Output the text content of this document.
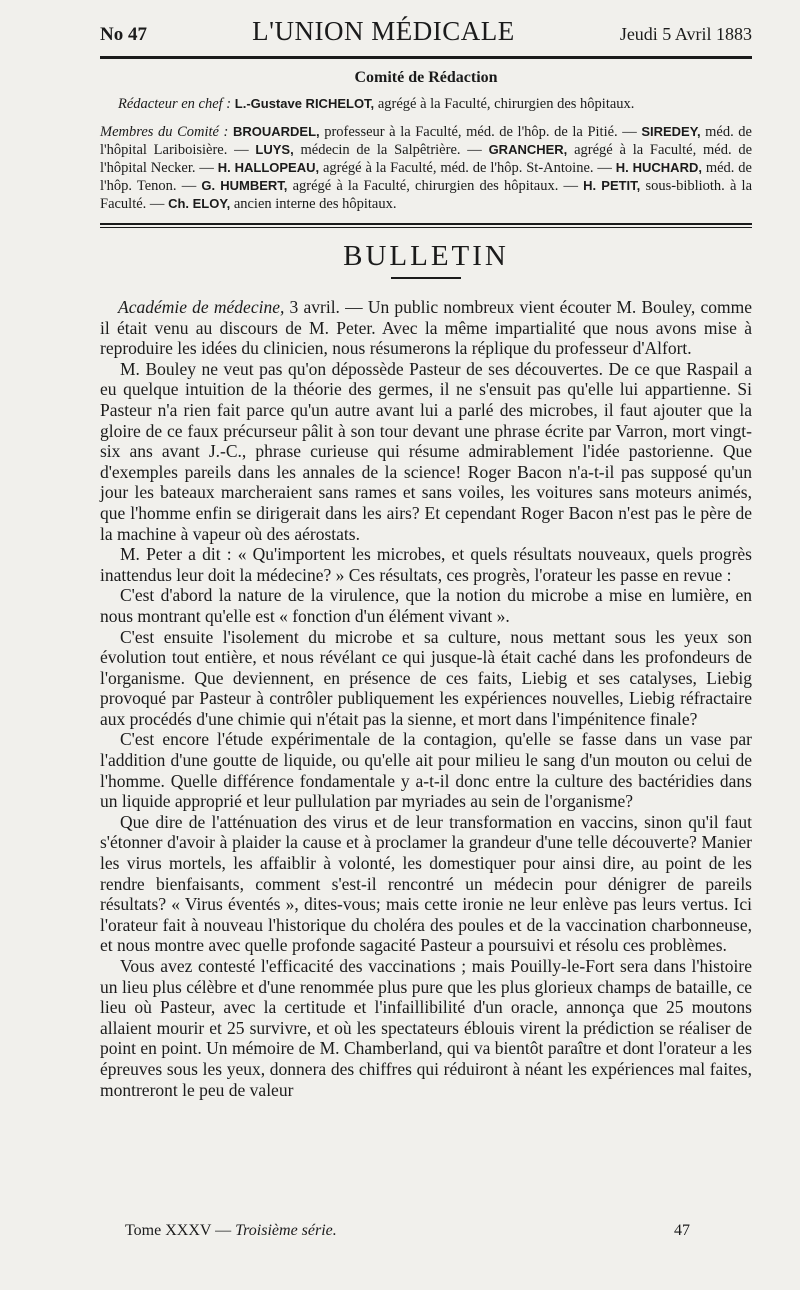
No 47	L'UNION MÉDICALE	Jeudi 5 Avril 1883
Comité de Rédaction

Rédacteur en chef : L.-Gustave RICHELOT, agrégé à la Faculté, chirurgien des hôpitaux.

Membres du Comité : BROUARDEL, professeur à la Faculté, méd. de l'hôp. de la Pitié. — SIREDEY, méd. de l'hôpital Lariboisière. — LUYS, médecin de la Salpêtrière. — GRANCHER, agrégé à la Faculté, méd. de l'hôpital Necker. — H. HALLOPEAU, agrégé à la Faculté, méd. de l'hôp. St-Antoine. — H. HUCHARD, méd. de l'hôp. Tenon. — G. HUMBERT, agrégé à la Faculté, chirurgien des hôpitaux. — H. PETIT, sous-biblioth. à la Faculté. — Ch. ELOY, ancien interne des hôpitaux.

BULLETIN

Académie de médecine, 3 avril. — Un public nombreux vient écouter M. Bouley, comme il était venu au discours de M. Peter. Avec la même impartialité que nous avons mise à reproduire les idées du clinicien, nous résumerons la réplique du professeur d'Alfort.

M. Bouley ne veut pas qu'on dépossède Pasteur de ses découvertes. De ce que Raspail a eu quelque intuition de la théorie des germes, il ne s'ensuit pas qu'elle lui appartienne. Si Pasteur n'a rien fait parce qu'un autre avant lui a parlé des microbes, il faut ajouter que la gloire de ce faux précurseur pâlit à son tour devant une phrase écrite par Varron, mort vingt-six ans avant J.-C., phrase curieuse qui résume admirablement l'idée pastorienne. Que d'exemples pareils dans les annales de la science! Roger Bacon n'a-t-il pas supposé qu'un jour les bateaux marcheraient sans rames et sans voiles, les voitures sans moteurs animés, que l'homme enfin se dirigerait dans les airs? Et cependant Roger Bacon n'est pas le père de la machine à vapeur où des aérostats.

M. Peter a dit : « Qu'importent les microbes, et quels résultats nouveaux, quels progrès inattendus leur doit la médecine? » Ces résultats, ces progrès, l'orateur les passe en revue :

C'est d'abord la nature de la virulence, que la notion du microbe a mise en lumière, en nous montrant qu'elle est « fonction d'un élément vivant ».

C'est ensuite l'isolement du microbe et sa culture, nous mettant sous les yeux son évolution tout entière, et nous révélant ce qui jusque-là était caché dans les profondeurs de l'organisme. Que deviennent, en présence de ces faits, Liebig et ses catalyses, Liebig provoqué par Pasteur à contrôler publiquement les expériences nouvelles, Liebig réfractaire aux procédés d'une chimie qui n'était pas la sienne, et mort dans l'impénitence finale?

C'est encore l'étude expérimentale de la contagion, qu'elle se fasse dans un vase par l'addition d'une goutte de liquide, ou qu'elle ait pour milieu le sang d'un mouton ou celui de l'homme. Quelle différence fondamentale y a-t-il donc entre la culture des bactéridies dans un liquide approprié et leur pullulation par myriades au sein de l'organisme?

Que dire de l'atténuation des virus et de leur transformation en vaccins, sinon qu'il faut s'étonner d'avoir à plaider la cause et à proclamer la grandeur d'une telle découverte? Manier les virus mortels, les affaiblir à volonté, les domestiquer pour ainsi dire, au point de les rendre bienfaisants, comment s'est-il rencontré un médecin pour dénigrer de pareils résultats? « Virus éventés », dites-vous; mais cette ironie ne leur enlève pas leurs vertus. Ici l'orateur fait à nouveau l'historique du choléra des poules et de la vaccination charbonneuse, et nous montre avec quelle profonde sagacité Pasteur a poursuivi et résolu ces problèmes.

Vous avez contesté l'efficacité des vaccinations ; mais Pouilly-le-Fort sera dans l'histoire un lieu plus célèbre et d'une renommée plus pure que les plus glorieux champs de bataille, ce lieu où Pasteur, avec la certitude et l'infaillibilité d'un oracle, annonça que 25 moutons allaient mourir et 25 survivre, et où les spectateurs éblouis virent la prédiction se réaliser de point en point. Un mémoire de M. Chamberland, qui va bientôt paraître et dont l'orateur a les épreuves sous les yeux, donnera des chiffres qui réduiront à néant les expériences mal faites, montreront le peu de valeur

Tome XXXV — Troisième série.	47
